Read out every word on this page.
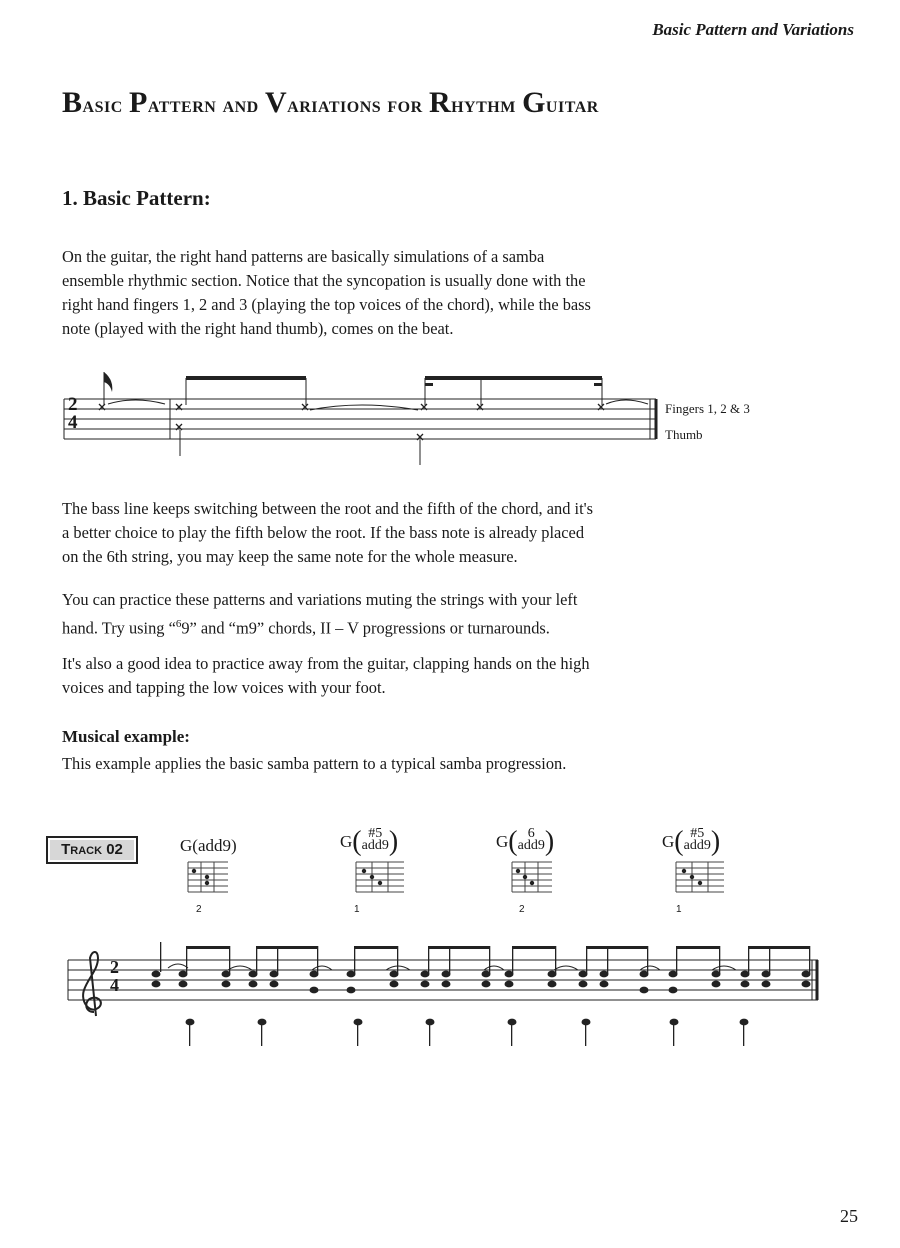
Basic Pattern and Variations
Basic Pattern and Variations for Rhythm Guitar
1. Basic Pattern:
On the guitar, the right hand patterns are basically simulations of a samba
ensemble rhythmic section. Notice that the syncopation is usually done with the
right hand fingers 1, 2 and 3 (playing the top voices of the chord), while the bass
note (played with the right hand thumb), comes on the beat.
2
4
Fingers 1, 2 & 3
Thumb
The bass line keeps switching between the root and the fifth of the chord, and it's
a better choice to play the fifth below the root. If the bass note is already placed
on the 6th string, you may keep the same note for the whole measure.
You can practice these patterns and variations muting the strings with your left
hand. Try using “$^6$9” and “m9” chords, II – V progressions or turnarounds.
It's also a good idea to practice away from the guitar, clapping hands on the high
voices and tapping the low voices with your foot.
Musical example:
This example applies the basic samba pattern to a typical samba progression.
Track 02	G(add9)	G( #5
add9)	G( 6
add9)	G( #5
add9)
2	1	2	1
2
4
25
